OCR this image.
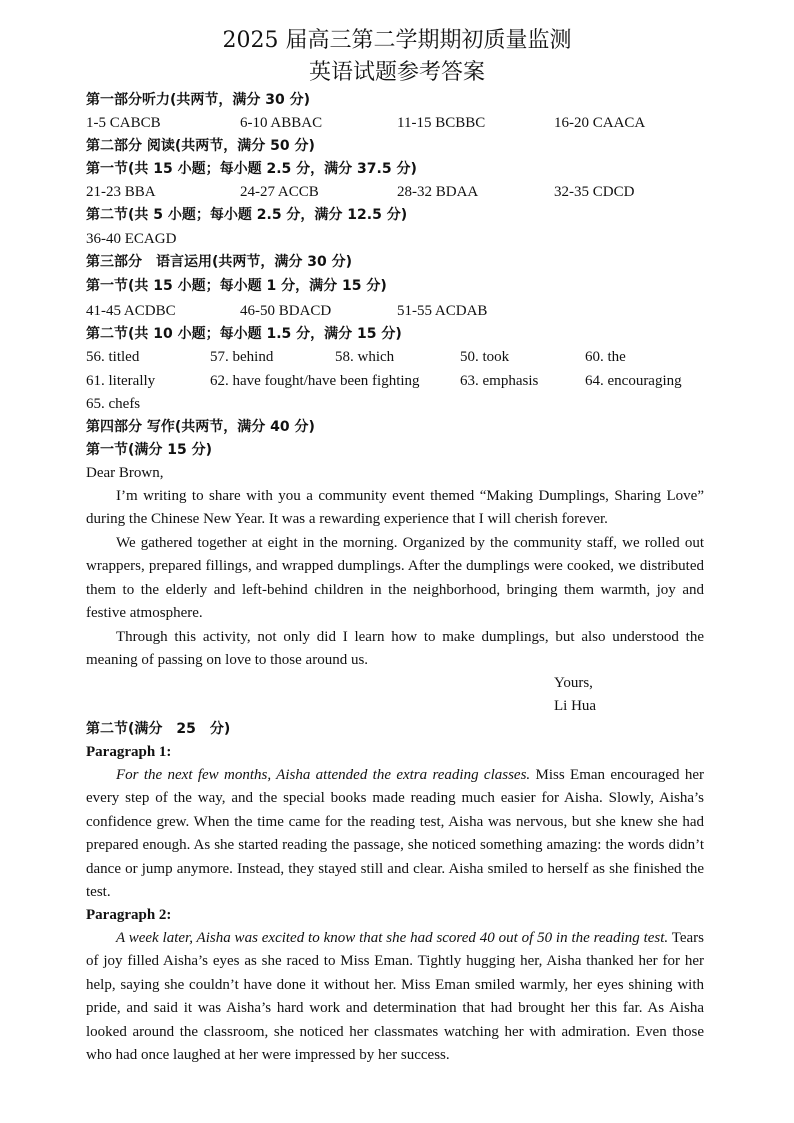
2025 届高三第二学期期初质量监测
英语试题参考答案
第一部分听力(共两节，满分 30 分)
1-5 CABCB	6-10 ABBAC	11-15 BCBBC	16-20 CAACA
第二部分 阅读(共两节，满分 50 分)
第一节(共 15 小题；每小题 2.5 分，满分 37.5 分)
21-23 BBA	24-27 ACCB	28-32 BDAA	32-35 CDCD
第二节(共 5 小题；每小题 2.5 分，满分 12.5 分)
36-40 ECAGD
第三部分　语言运用(共两节，满分 30 分)
第一节(共 15 小题；每小题 1 分，满分 15 分)
41-45 ACDBC	46-50 BDACD	51-55 ACDAB
第二节(共 10 小题；每小题 1.5 分，满分 15 分)
56. titled	57. behind	58. which	50. took	60. the
61. literally	62. have fought/have been fighting	63. emphasis	64. encouraging
65. chefs
第四部分 写作(共两节，满分 40 分)
第一节(满分 15 分)
Dear Brown,
I’m writing to share with you a community event themed “Making Dumplings, Sharing Love” during the Chinese New Year. It was a rewarding experience that I will cherish forever.
We gathered together at eight in the morning. Organized by the community staff, we rolled out wrappers, prepared fillings, and wrapped dumplings. After the dumplings were cooked, we distributed them to the elderly and left-behind children in the neighborhood, bringing them warmth, joy and festive atmosphere.
Through this activity, not only did I learn how to make dumplings, but also understood the meaning of passing on love to those around us.
Yours,
Li Hua
第二节(满分　25　分)
Paragraph 1:
For the next few months, Aisha attended the extra reading classes. Miss Eman encouraged her every step of the way, and the special books made reading much easier for Aisha. Slowly, Aisha’s confidence grew. When the time came for the reading test, Aisha was nervous, but she knew she had prepared enough. As she started reading the passage, she noticed something amazing: the words didn’t dance or jump anymore. Instead, they stayed still and clear. Aisha smiled to herself as she finished the test.
Paragraph 2:
A week later, Aisha was excited to know that she had scored 40 out of 50 in the reading test. Tears of joy filled Aisha’s eyes as she raced to Miss Eman. Tightly hugging her, Aisha thanked her for her help, saying she couldn’t have done it without her. Miss Eman smiled warmly, her eyes shining with pride, and said it was Aisha’s hard work and determination that had brought her this far. As Aisha looked around the classroom, she noticed her classmates watching her with admiration. Even those who had once laughed at her were impressed by her success.
